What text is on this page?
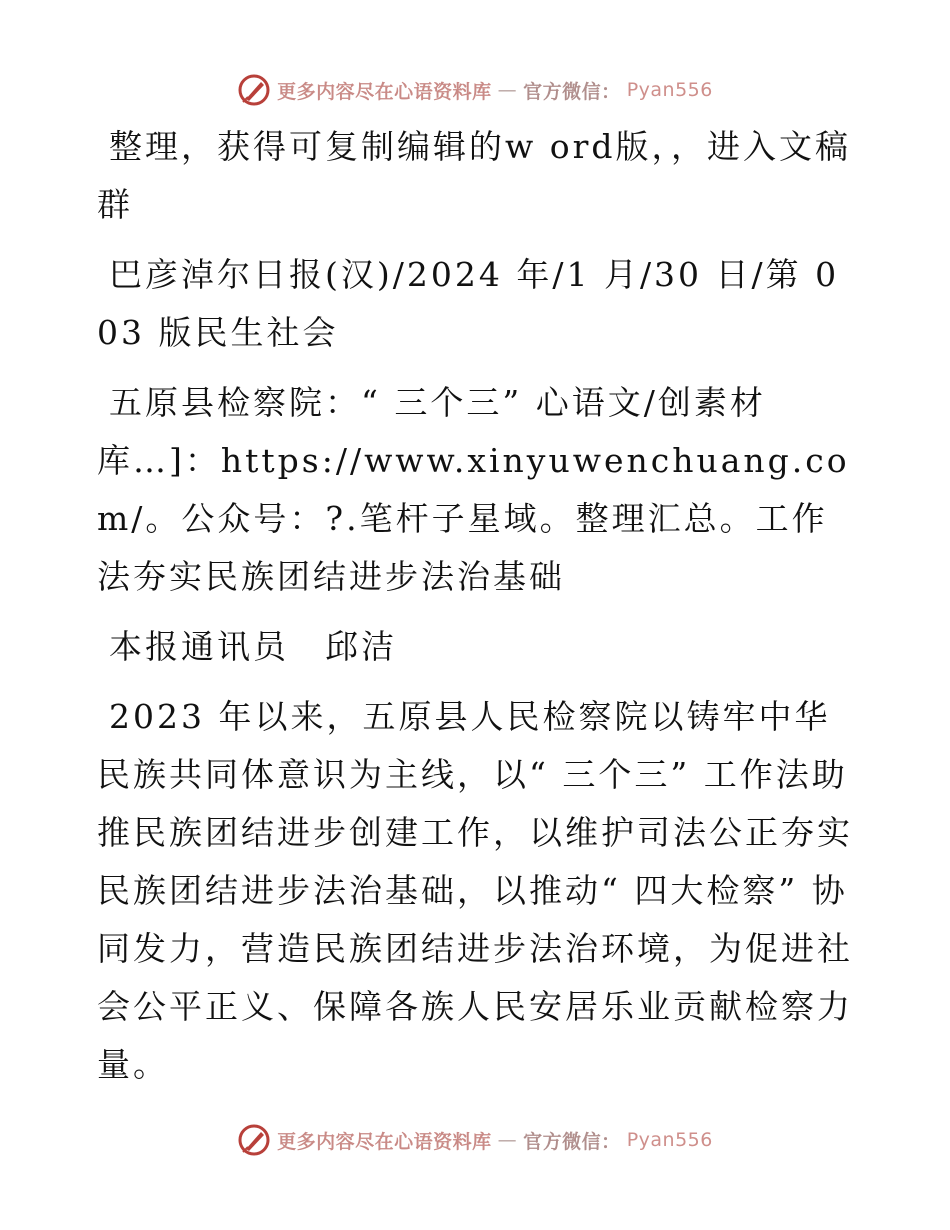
更多内容尽在心语资料库 — 官方微信： Pyan556

整理，获得可复制编辑的w ord版，，进入文稿群

巴彦淖尔日报(汉)/2024 年/1 月/30 日/第 003 版民生社会

五原县检察院：“ 三个三” 心语文/创素材库…]：https://www.xinyuwenchuang.com/。公众号：?.笔杆子星域。整理汇总。工作法夯实民族团结进步法治基础

本报通讯员　邱洁

2023 年以来，五原县人民检察院以铸牢中华民族共同体意识为主线，以“ 三个三” 工作法助推民族团结进步创建工作，以维护司法公正夯实民族团结进步法治基础，以推动“ 四大检察” 协同发力，营造民族团结进步法治环境，为促进社会公平正义、保障各族人民安居乐业贡献检察力量。

更多内容尽在心语资料库 — 官方微信： Pyan556
